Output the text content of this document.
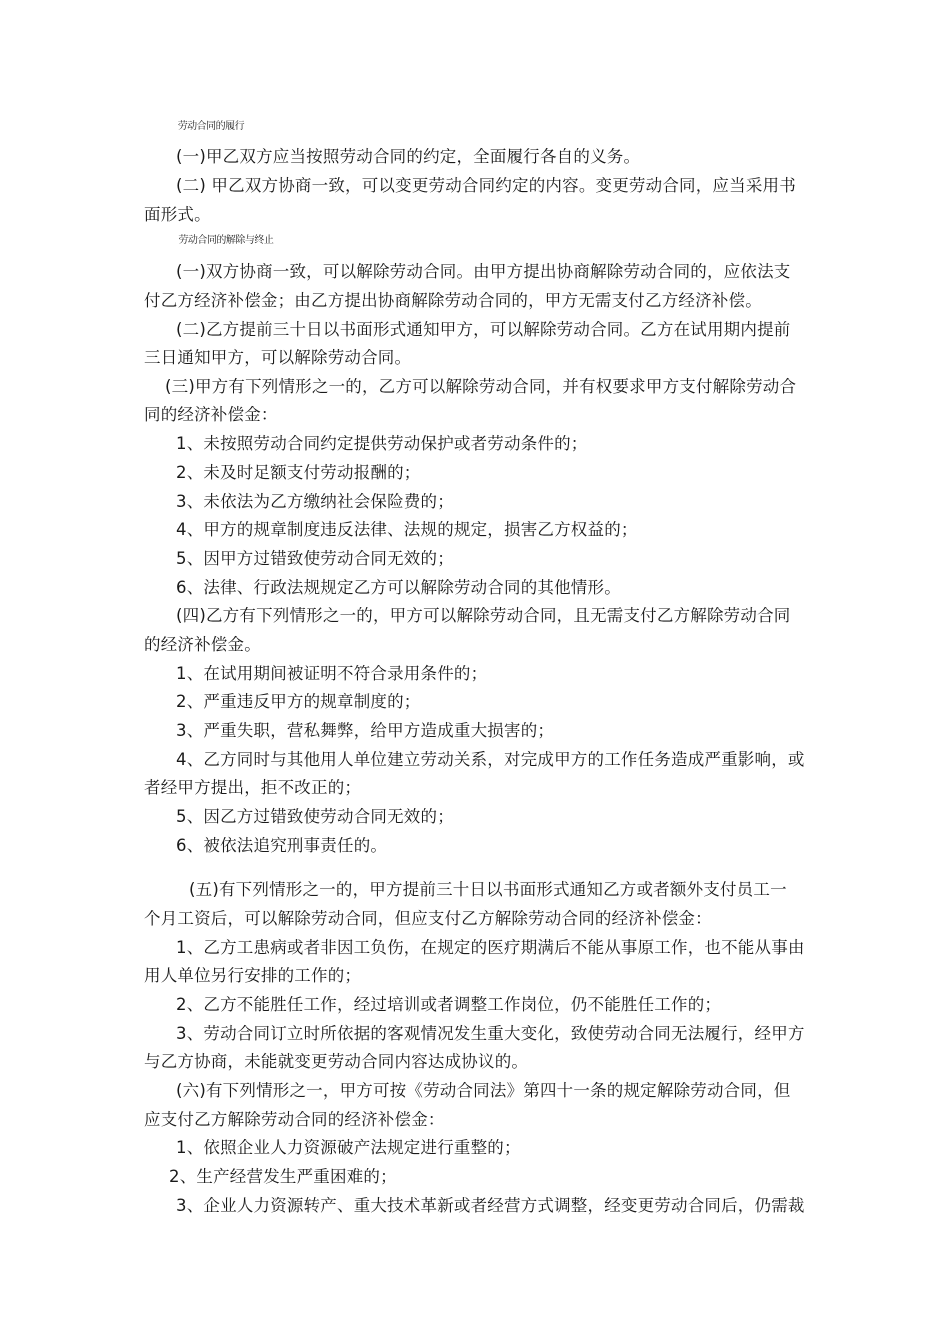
劳动合同的履行
(一)甲乙双方应当按照劳动合同的约定，全面履行各自的义务。
(二) 甲乙双方协商一致，可以变更劳动合同约定的内容。变更劳动合同，应当采用书
面形式。
劳动合同的解除与终止
(一)双方协商一致，可以解除劳动合同。由甲方提出协商解除劳动合同的，应依法支
付乙方经济补偿金；由乙方提出协商解除劳动合同的，甲方无需支付乙方经济补偿。
(二)乙方提前三十日以书面形式通知甲方，可以解除劳动合同。乙方在试用期内提前
三日通知甲方，可以解除劳动合同。
(三)甲方有下列情形之一的，乙方可以解除劳动合同，并有权要求甲方支付解除劳动合
同的经济补偿金：
1、未按照劳动合同约定提供劳动保护或者劳动条件的；
2、未及时足额支付劳动报酬的；
3、未依法为乙方缴纳社会保险费的；
4、甲方的规章制度违反法律、法规的规定，损害乙方权益的；
5、因甲方过错致使劳动合同无效的；
6、法律、行政法规规定乙方可以解除劳动合同的其他情形。
(四)乙方有下列情形之一的，甲方可以解除劳动合同，且无需支付乙方解除劳动合同
的经济补偿金。
1、在试用期间被证明不符合录用条件的；
2、严重违反甲方的规章制度的；
3、严重失职，营私舞弊，给甲方造成重大损害的；
4、乙方同时与其他用人单位建立劳动关系，对完成甲方的工作任务造成严重影响，或
者经甲方提出，拒不改正的；
5、因乙方过错致使劳动合同无效的；
6、被依法追究刑事责任的。
(五)有下列情形之一的，甲方提前三十日以书面形式通知乙方或者额外支付员工一
个月工资后，可以解除劳动合同，但应支付乙方解除劳动合同的经济补偿金：
1、乙方工患病或者非因工负伤，在规定的医疗期满后不能从事原工作，也不能从事由
用人单位另行安排的工作的；
2、乙方不能胜任工作，经过培训或者调整工作岗位，仍不能胜任工作的；
3、劳动合同订立时所依据的客观情况发生重大变化，致使劳动合同无法履行，经甲方
与乙方协商，未能就变更劳动合同内容达成协议的。
(六)有下列情形之一，甲方可按《劳动合同法》第四十一条的规定解除劳动合同，但
应支付乙方解除劳动合同的经济补偿金：
1、依照企业人力资源破产法规定进行重整的；
2、生产经营发生严重困难的；
3、企业人力资源转产、重大技术革新或者经营方式调整，经变更劳动合同后，仍需裁
